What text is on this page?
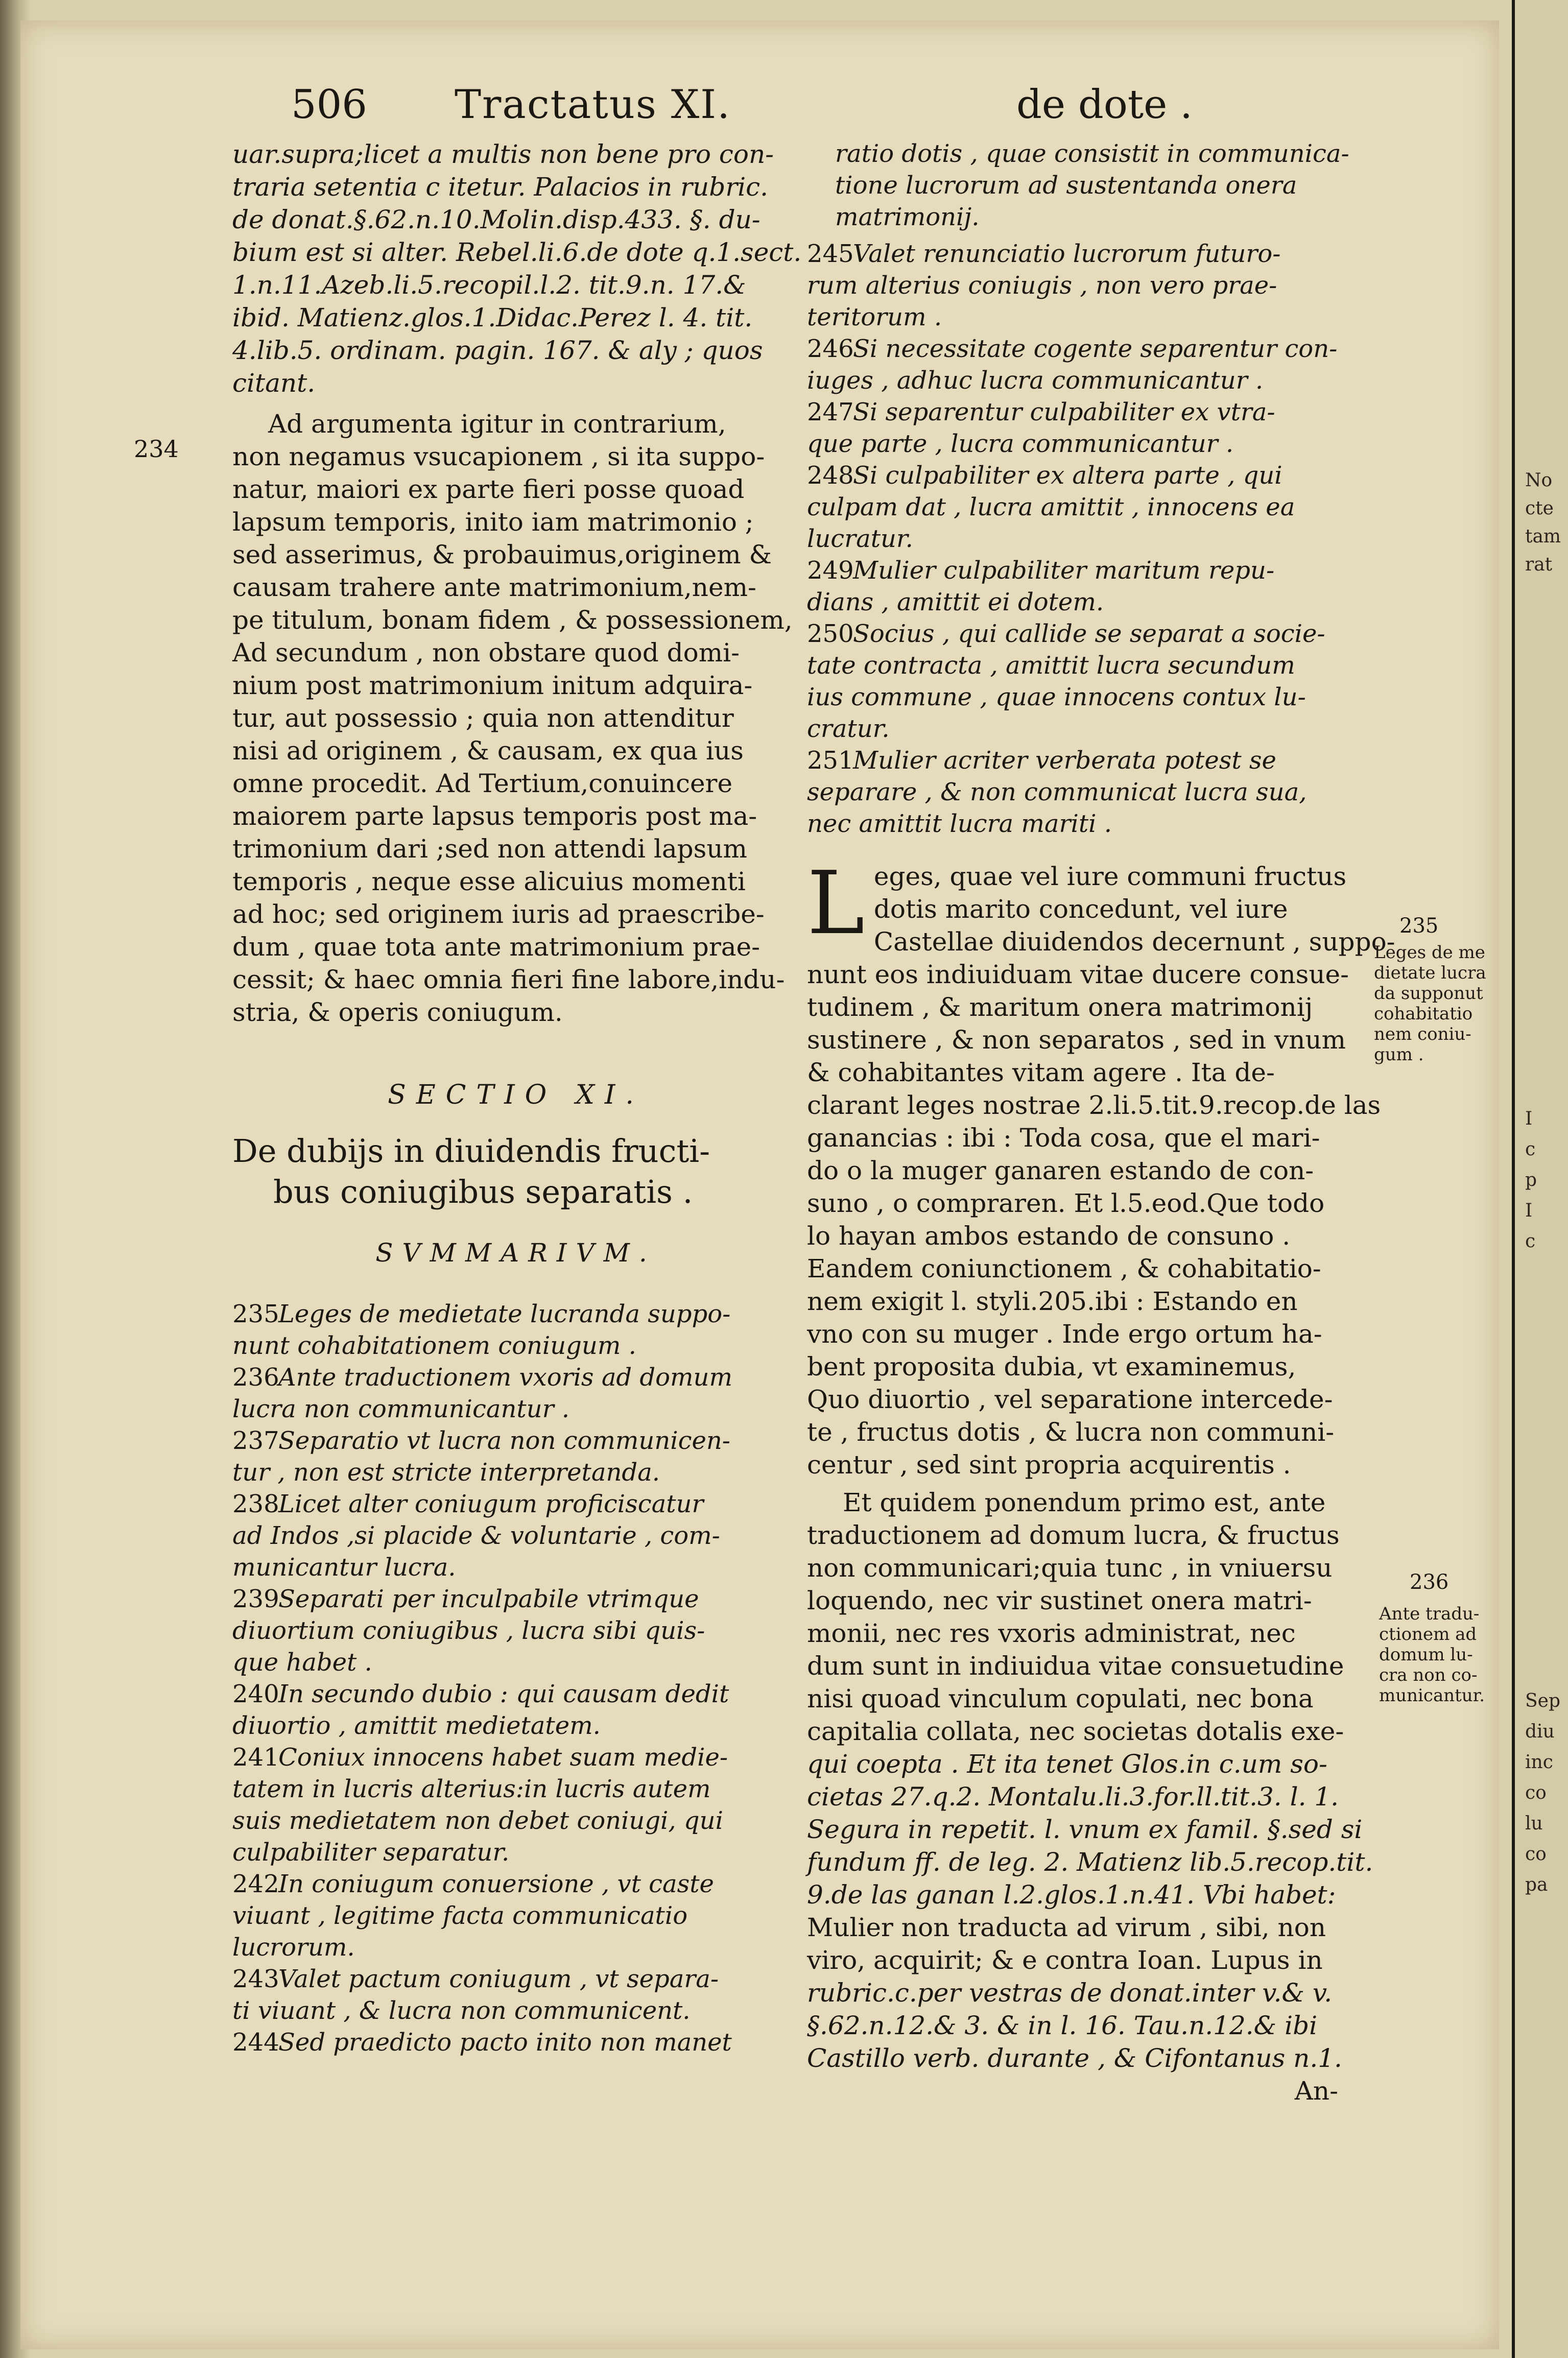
506 Tractatus XI.	de dote .
uar.supra;licet a multis non bene pro con-
traria setentia c itetur. Palacios in rubric.
de donat.§.62.n.10.Molin.disp.433. §. du-
bium est si alter. Rebel.li.6.de dote q.1.sect.
1.n.11.Azeb.li.5.recopil.l.2. tit.9.n. 17.&
ibid. Matienz.glos.1.Didac.Perez l. 4. tit.
4.lib.5. ordinam. pagin. 167. & aly ; quos
citant.
Ad argumenta igitur in contrarium,
non negamus vsucapionem , si ita suppo-
natur, maiori ex parte fieri posse quoad
lapsum temporis, inito iam matrimonio ;
sed asserimus, & probauimus,originem &
causam trahere ante matrimonium,nem-
pe titulum, bonam fidem , & possessionem,
Ad secundum , non obstare quod domi-
nium post matrimonium initum adquira-
tur, aut possessio ; quia non attenditur
nisi ad originem , & causam, ex qua ius
omne procedit. Ad Tertium,conuincere
maiorem parte lapsus temporis post ma-
trimonium dari ;sed non attendi lapsum
temporis , neque esse alicuius momenti
ad hoc; sed originem iuris ad praescribe-
dum , quae tota ante matrimonium prae-
cessit; & haec omnia fieri fine labore,indu-
stria, & operis coniugum.
SECTIO XI.
De dubijs in diuidendis fructi-
bus coniugibus separatis .
SVMMARIVM.
235Leges de medietate lucranda suppo-
nunt cohabitationem coniugum .
236Ante traductionem vxoris ad domum
lucra non communicantur .
237Separatio vt lucra non communicen-
tur , non est stricte interpretanda.
238Licet alter coniugum proficiscatur
ad Indos ,si placide & voluntarie , com-
municantur lucra.
239Separati per inculpabile vtrimque
diuortium coniugibus , lucra sibi quis-
que habet .
240In secundo dubio : qui causam dedit
diuortio , amittit medietatem.
241Coniux innocens habet suam medie-
tatem in lucris alterius:in lucris autem
suis medietatem non debet coniugi, qui
culpabiliter separatur.
242In coniugum conuersione , vt caste
viuant , legitime facta communicatio
lucrorum.
243Valet pactum coniugum , vt separa-
ti viuant , & lucra non communicent.
244Sed praedicto pacto inito non manet
234
ratio dotis , quae consistit in communica-
tione lucrorum ad sustentanda onera
matrimonij.
245Valet renunciatio lucrorum futuro-
rum alterius coniugis , non vero prae-
teritorum .
246Si necessitate cogente separentur con-
iuges , adhuc lucra communicantur .
247Si separentur culpabiliter ex vtra-
que parte , lucra communicantur .
248Si culpabiliter ex altera parte , qui
culpam dat , lucra amittit , innocens ea
lucratur.
249Mulier culpabiliter maritum repu-
dians , amittit ei dotem.
250Socius , qui callide se separat a socie-
tate contracta , amittit lucra secundum
ius commune , quae innocens contux lu-
cratur.
251Mulier acriter verberata potest se
separare , & non communicat lucra sua,
nec amittit lucra mariti .
L eges, quae vel iure communi fructus
dotis marito concedunt, vel iure
Castellae diuidendos decernunt , suppo-
nunt eos indiuiduam vitae ducere consue-
tudinem , & maritum onera matrimonij
sustinere , & non separatos , sed in vnum
& cohabitantes vitam agere . Ita de-
clarant leges nostrae 2.li.5.tit.9.recop.de las
ganancias : ibi : Toda cosa, que el mari-
do o la muger ganaren estando de con-
suno , o compraren. Et l.5.eod.Que todo
lo hayan ambos estando de consuno .
Eandem coniunctionem , & cohabitatio-
nem exigit l. styli.205.ibi : Estando en
vno con su muger . Inde ergo ortum ha-
bent proposita dubia, vt examinemus,
Quo diuortio , vel separatione intercede-
te , fructus dotis , & lucra non communi-
centur , sed sint propria acquirentis .
Et quidem ponendum primo est, ante
traductionem ad domum lucra, & fructus
non communicari;quia tunc , in vniuersu
loquendo, nec vir sustinet onera matri-
monii, nec res vxoris administrat, nec
dum sunt in indiuidua vitae consuetudine
nisi quoad vinculum copulati, nec bona
capitalia collata, nec societas dotalis exe-
qui coepta . Et ita tenet Glos.in c.um so-
cietas 27.q.2. Montalu.li.3.for.ll.tit.3. l. 1.
Segura in repetit. l. vnum ex famil. §.sed si
fundum ff. de leg. 2. Matienz lib.5.recop.tit.
9.de las ganan l.2.glos.1.n.41. Vbi habet:
Mulier non traducta ad virum , sibi, non
viro, acquirit; & e contra Ioan. Lupus in
rubric.c.per vestras de donat.inter v.& v.
§.62.n.12.& 3. & in l. 16. Tau.n.12.& ibi
Castillo verb. durante , & Cifontanus n.1.
An-
235
Leges de me
dietate lucra
da supponut
cohabitatio
nem coniu-
gum .
236
Ante tradu-
ctionem ad
domum lu-
cra non co-
municantur.
No
cte
tam
rat
I
c
p
I
c
Sep
diu
inc
co
lu
co
pa
